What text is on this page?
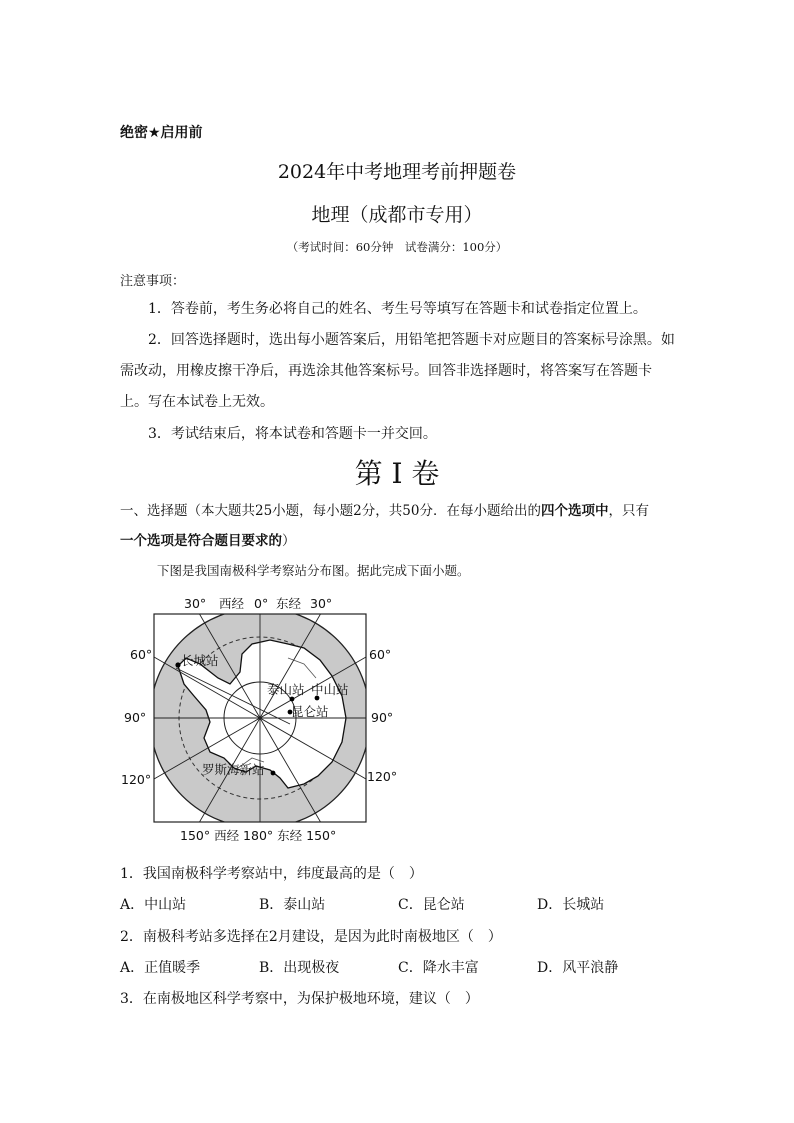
绝密★启用前
2024年中考地理考前押题卷
地理（成都市专用）
（考试时间：60分钟　试卷满分：100分）
注意事项：
1．答卷前，考生务必将自己的姓名、考生号等填写在答题卡和试卷指定位置上。
2．回答选择题时，选出每小题答案后，用铅笔把答题卡对应题目的答案标号涂黑。如需改动，用橡皮擦干净后，再选涂其他答案标号。回答非选择题时，将答案写在答题卡上。写在本试卷上无效。
3．考试结束后，将本试卷和答题卡一并交回。
第 I 卷
一、选择题（本大题共25小题，每小题2分，共50分．在每小题给出的四个选项中，只有
一个选项是符合题目要求的）
下图是我国南极科学考察站分布图。据此完成下面小题。
30° 西经 0° 东经 30°
60°
90°
120°
60°
90°
120°
150° 西经 180° 东经 150°
长城站
泰山站 中山站
昆仑站
罗斯海新站
1．我国南极科学考察站中，纬度最高的是（　）
A．中山站	B．泰山站	C．昆仑站	D．长城站
2．南极科考站多选择在2月建设，是因为此时南极地区（　）
A．正值暖季	B．出现极夜	C．降水丰富	D．风平浪静
3．在南极地区科学考察中，为保护极地环境，建议（　）
